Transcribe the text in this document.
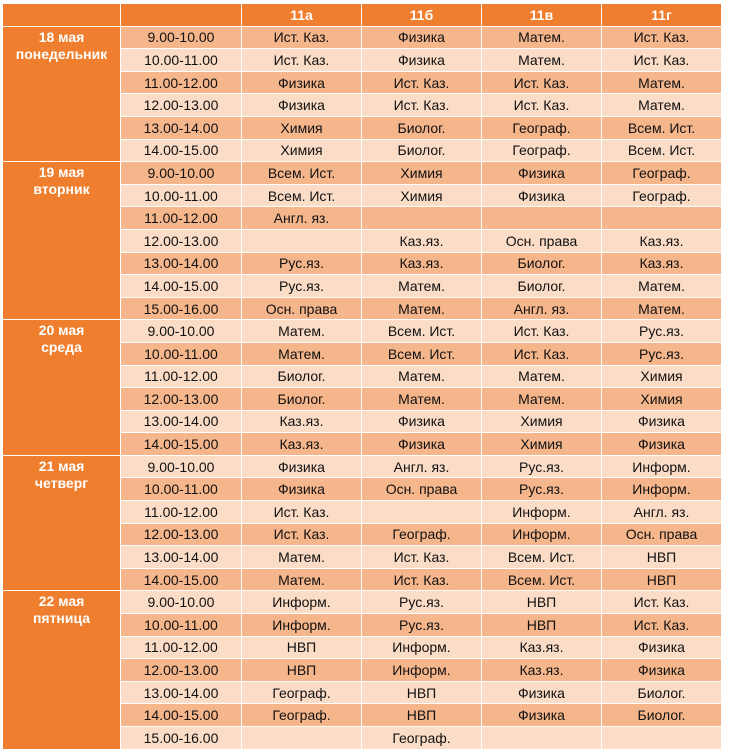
		11а	11б	11в	11г

18 мая
понедельник	9.00-10.00	Ист. Каз.	Физика	Матем.	Ист. Каз.
	10.00-11.00	Ист. Каз.	Физика	Матем.	Ист. Каз.
	11.00-12.00	Физика	Ист. Каз.	Ист. Каз.	Матем.
	12.00-13.00	Физика	Ист. Каз.	Ист. Каз.	Матем.
	13.00-14.00	Химия	Биолог.	Географ.	Всем. Ист.
	14.00-15.00	Химия	Биолог.	Географ.	Всем. Ист.

19 мая
вторник	9.00-10.00	Всем. Ист.	Химия	Физика	Географ.
	10.00-11.00	Всем. Ист.	Химия	Физика	Географ.
	11.00-12.00	Англ. яз.			
	12.00-13.00		Каз.яз.	Осн. права	Каз.яз.
	13.00-14.00	Рус.яз.	Каз.яз.	Биолог.	Каз.яз.
	14.00-15.00	Рус.яз.	Матем.	Биолог.	Матем.
	15.00-16.00	Осн. права	Матем.	Англ. яз.	Матем.

20 мая
среда	9.00-10.00	Матем.	Всем. Ист.	Ист. Каз.	Рус.яз.
	10.00-11.00	Матем.	Всем. Ист.	Ист. Каз.	Рус.яз.
	11.00-12.00	Биолог.	Матем.	Матем.	Химия
	12.00-13.00	Биолог.	Матем.	Матем.	Химия
	13.00-14.00	Каз.яз.	Физика	Химия	Физика
	14.00-15.00	Каз.яз.	Физика	Химия	Физика

21 мая
четверг	9.00-10.00	Физика	Англ. яз.	Рус.яз.	Информ.
	10.00-11.00	Физика	Осн. права	Рус.яз.	Информ.
	11.00-12.00	Ист. Каз.		Информ.	Англ. яз.
	12.00-13.00	Ист. Каз.	Географ.	Информ.	Осн. права
	13.00-14.00	Матем.	Ист. Каз.	Всем. Ист.	НВП
	14.00-15.00	Матем.	Ист. Каз.	Всем. Ист.	НВП

22 мая
пятница	9.00-10.00	Информ.	Рус.яз.	НВП	Ист. Каз.
	10.00-11.00	Информ.	Рус.яз.	НВП	Ист. Каз.
	11.00-12.00	НВП	Информ.	Каз.яз.	Физика
	12.00-13.00	НВП	Информ.	Каз.яз.	Физика
	13.00-14.00	Географ.	НВП	Физика	Биолог.
	14.00-15.00	Географ.	НВП	Физика	Биолог.
	15.00-16.00		Географ.		
